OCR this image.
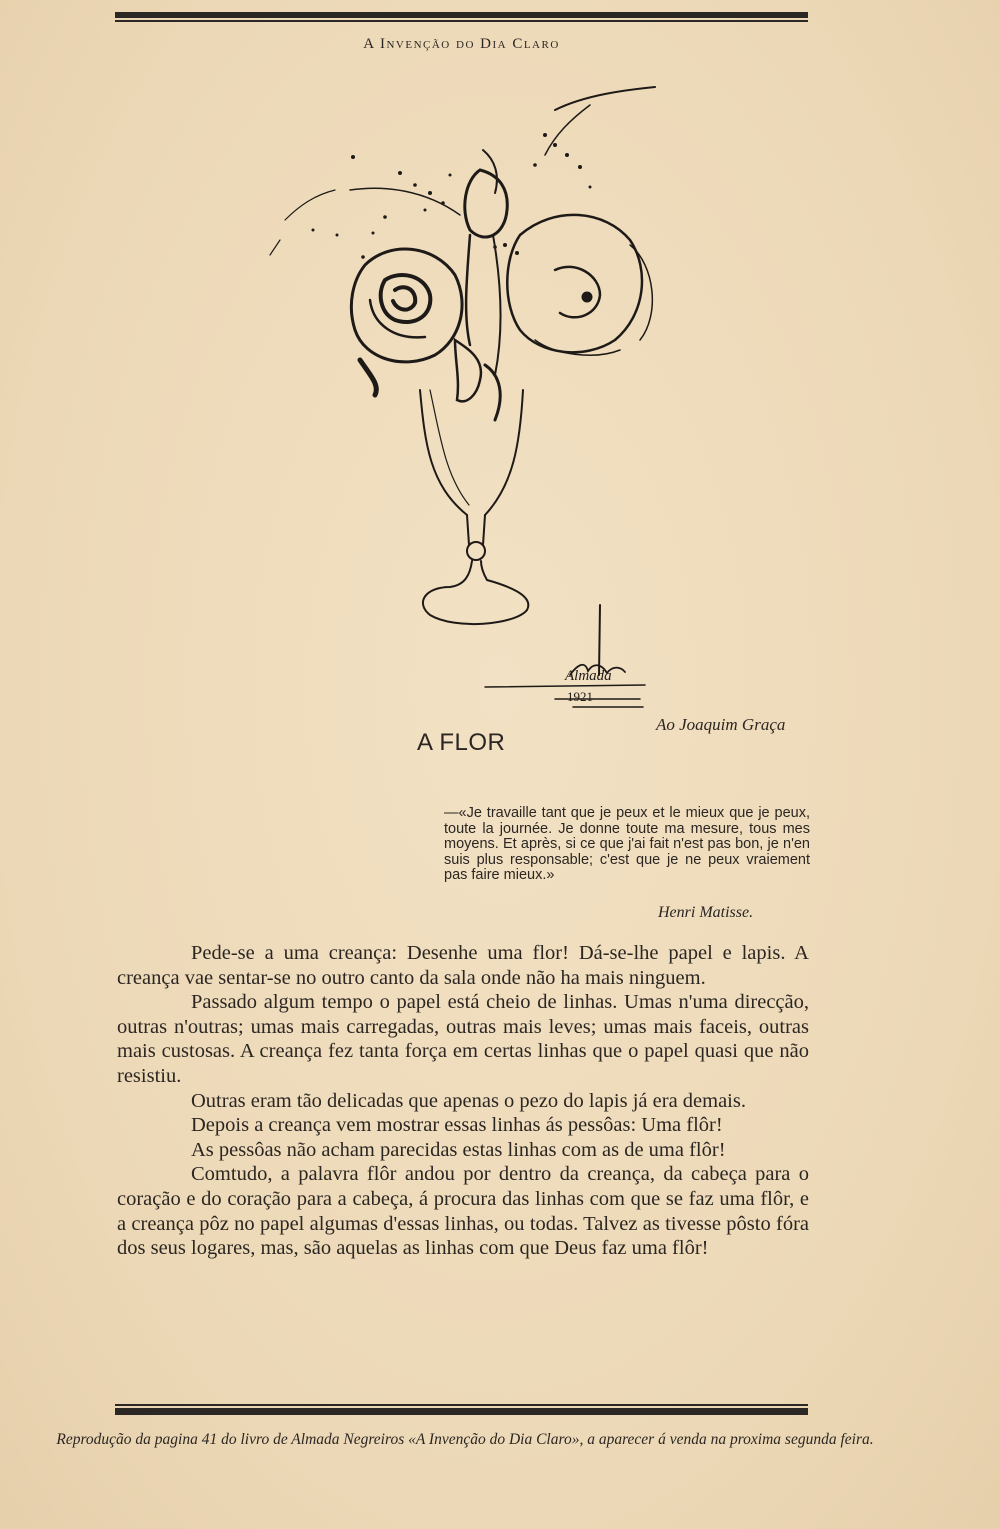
A Invenção do Dia Claro
Almada
1921
A FLOR
Ao Joaquim Graça
—«Je travaille tant que je peux et le mieux que je peux, toute la journée. Je donne toute ma mesure, tous mes moyens. Et après, si ce que j'ai fait n'est pas bon, je n'en suis plus responsable; c'est que je ne peux vraiement pas faire mieux.»
Henri Matisse.

Pede-se a uma creança: Desenhe uma flor! Dá-se-lhe papel e lapis. A creança vae sentar-se no outro canto da sala onde não ha mais ninguem.

Passado algum tempo o papel está cheio de linhas. Umas n'uma direcção, outras n'outras; umas mais carregadas, outras mais leves; umas mais faceis, outras mais custosas. A creança fez tanta força em certas linhas que o papel quasi que não resistiu.

Outras eram tão delicadas que apenas o pezo do lapis já era demais.

Depois a creança vem mostrar essas linhas ás pessôas: Uma flôr!

As pessôas não acham parecidas estas linhas com as de uma flôr!

Comtudo, a palavra flôr andou por dentro da creança, da cabeça para o coração e do coração para a cabeça, á procura das linhas com que se faz uma flôr, e a creança pôz no papel algumas d'essas linhas, ou todas. Talvez as tivesse pôsto fóra dos seus logares, mas, são aquelas as linhas com que Deus faz uma flôr!

Reprodução da pagina 41 do livro de Almada Negreiros «A Invenção do Dia Claro», a aparecer á venda na proxima segunda feira.
